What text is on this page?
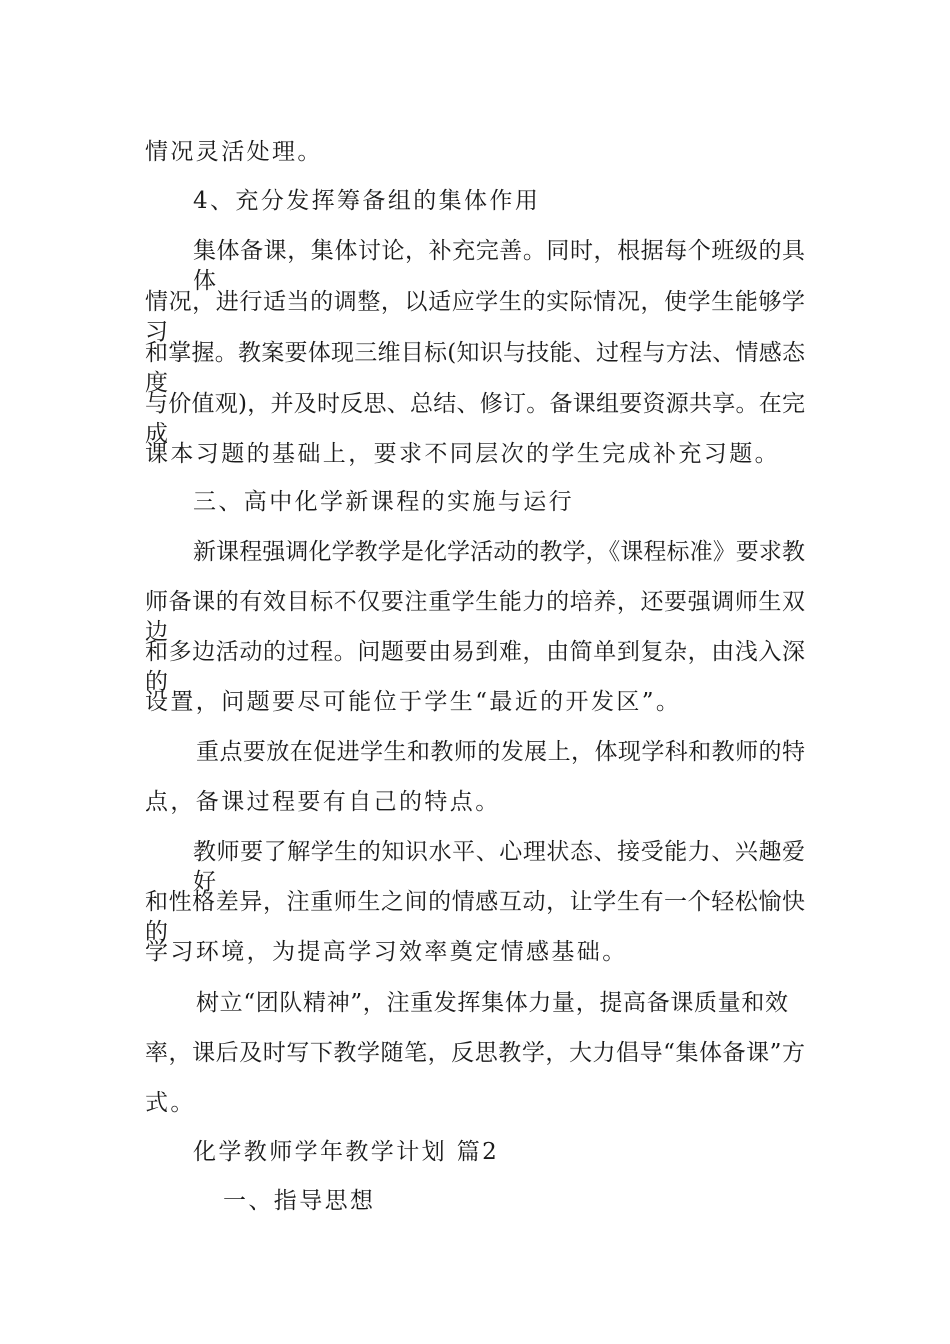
情况灵活处理。
4、充分发挥筹备组的集体作用
集体备课，集体讨论，补充完善。同时，根据每个班级的具体
情况，进行适当的调整，以适应学生的实际情况，使学生能够学习
和掌握。教案要体现三维目标(知识与技能、过程与方法、情感态度
与价值观)，并及时反思、总结、修订。备课组要资源共享。在完成
课本习题的基础上，要求不同层次的学生完成补充习题。
三、高中化学新课程的实施与运行
新课程强调化学教学是化学活动的教学，《课程标准》要求教
师备课的有效目标不仅要注重学生能力的培养，还要强调师生双边
和多边活动的过程。问题要由易到难，由简单到复杂，由浅入深的
设置，问题要尽可能位于学生“最近的开发区”。
重点要放在促进学生和教师的发展上，体现学科和教师的特
点，备课过程要有自己的特点。
教师要了解学生的知识水平、心理状态、接受能力、兴趣爱好
和性格差异，注重师生之间的情感互动，让学生有一个轻松愉快的
学习环境，为提高学习效率奠定情感基础。
树立“团队精神”，注重发挥集体力量，提高备课质量和效
率，课后及时写下教学随笔，反思教学，大力倡导“集体备课”方
式。
化学教师学年教学计划 篇2
一、指导思想
